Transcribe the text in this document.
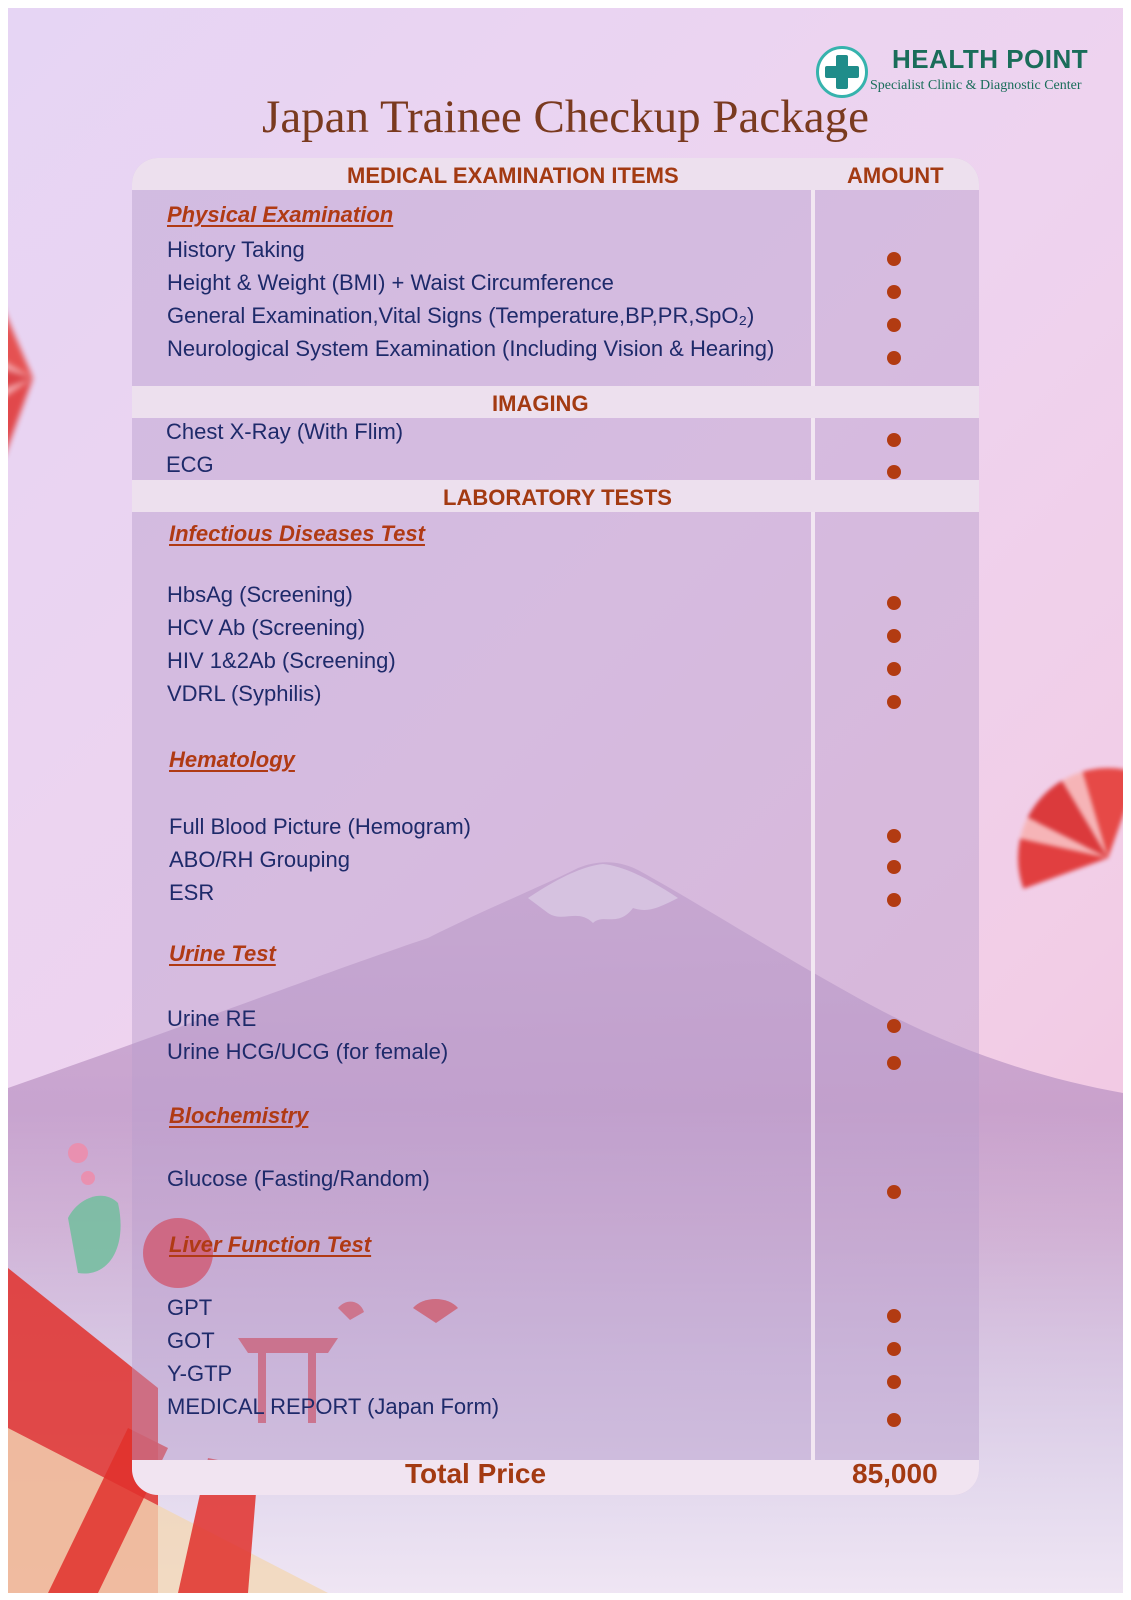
HEALTH POINT
Specialist Clinic & Diagnostic Center
Japan Trainee Checkup Package
MEDICAL EXAMINATION ITEMS	AMOUNT
Physical Examination
History Taking
Height & Weight (BMI) + Waist Circumference
General Examination,Vital Signs (Temperature,BP,PR,SpO₂)
Neurological System Examination (Including Vision & Hearing)
IMAGING
Chest X-Ray (With Flim)
ECG
LABORATORY TESTS
Infectious Diseases Test
HbsAg (Screening)
HCV Ab (Screening)
HIV 1&2Ab (Screening)
VDRL (Syphilis)
Hematology
Full Blood Picture (Hemogram)
ABO/RH Grouping
ESR
Urine Test
Urine RE
Urine HCG/UCG (for female)
Blochemistry
Glucose (Fasting/Random)
Liver Function Test
GPT
GOT
Y-GTP
MEDICAL REPORT (Japan Form)
Total Price	85,000
